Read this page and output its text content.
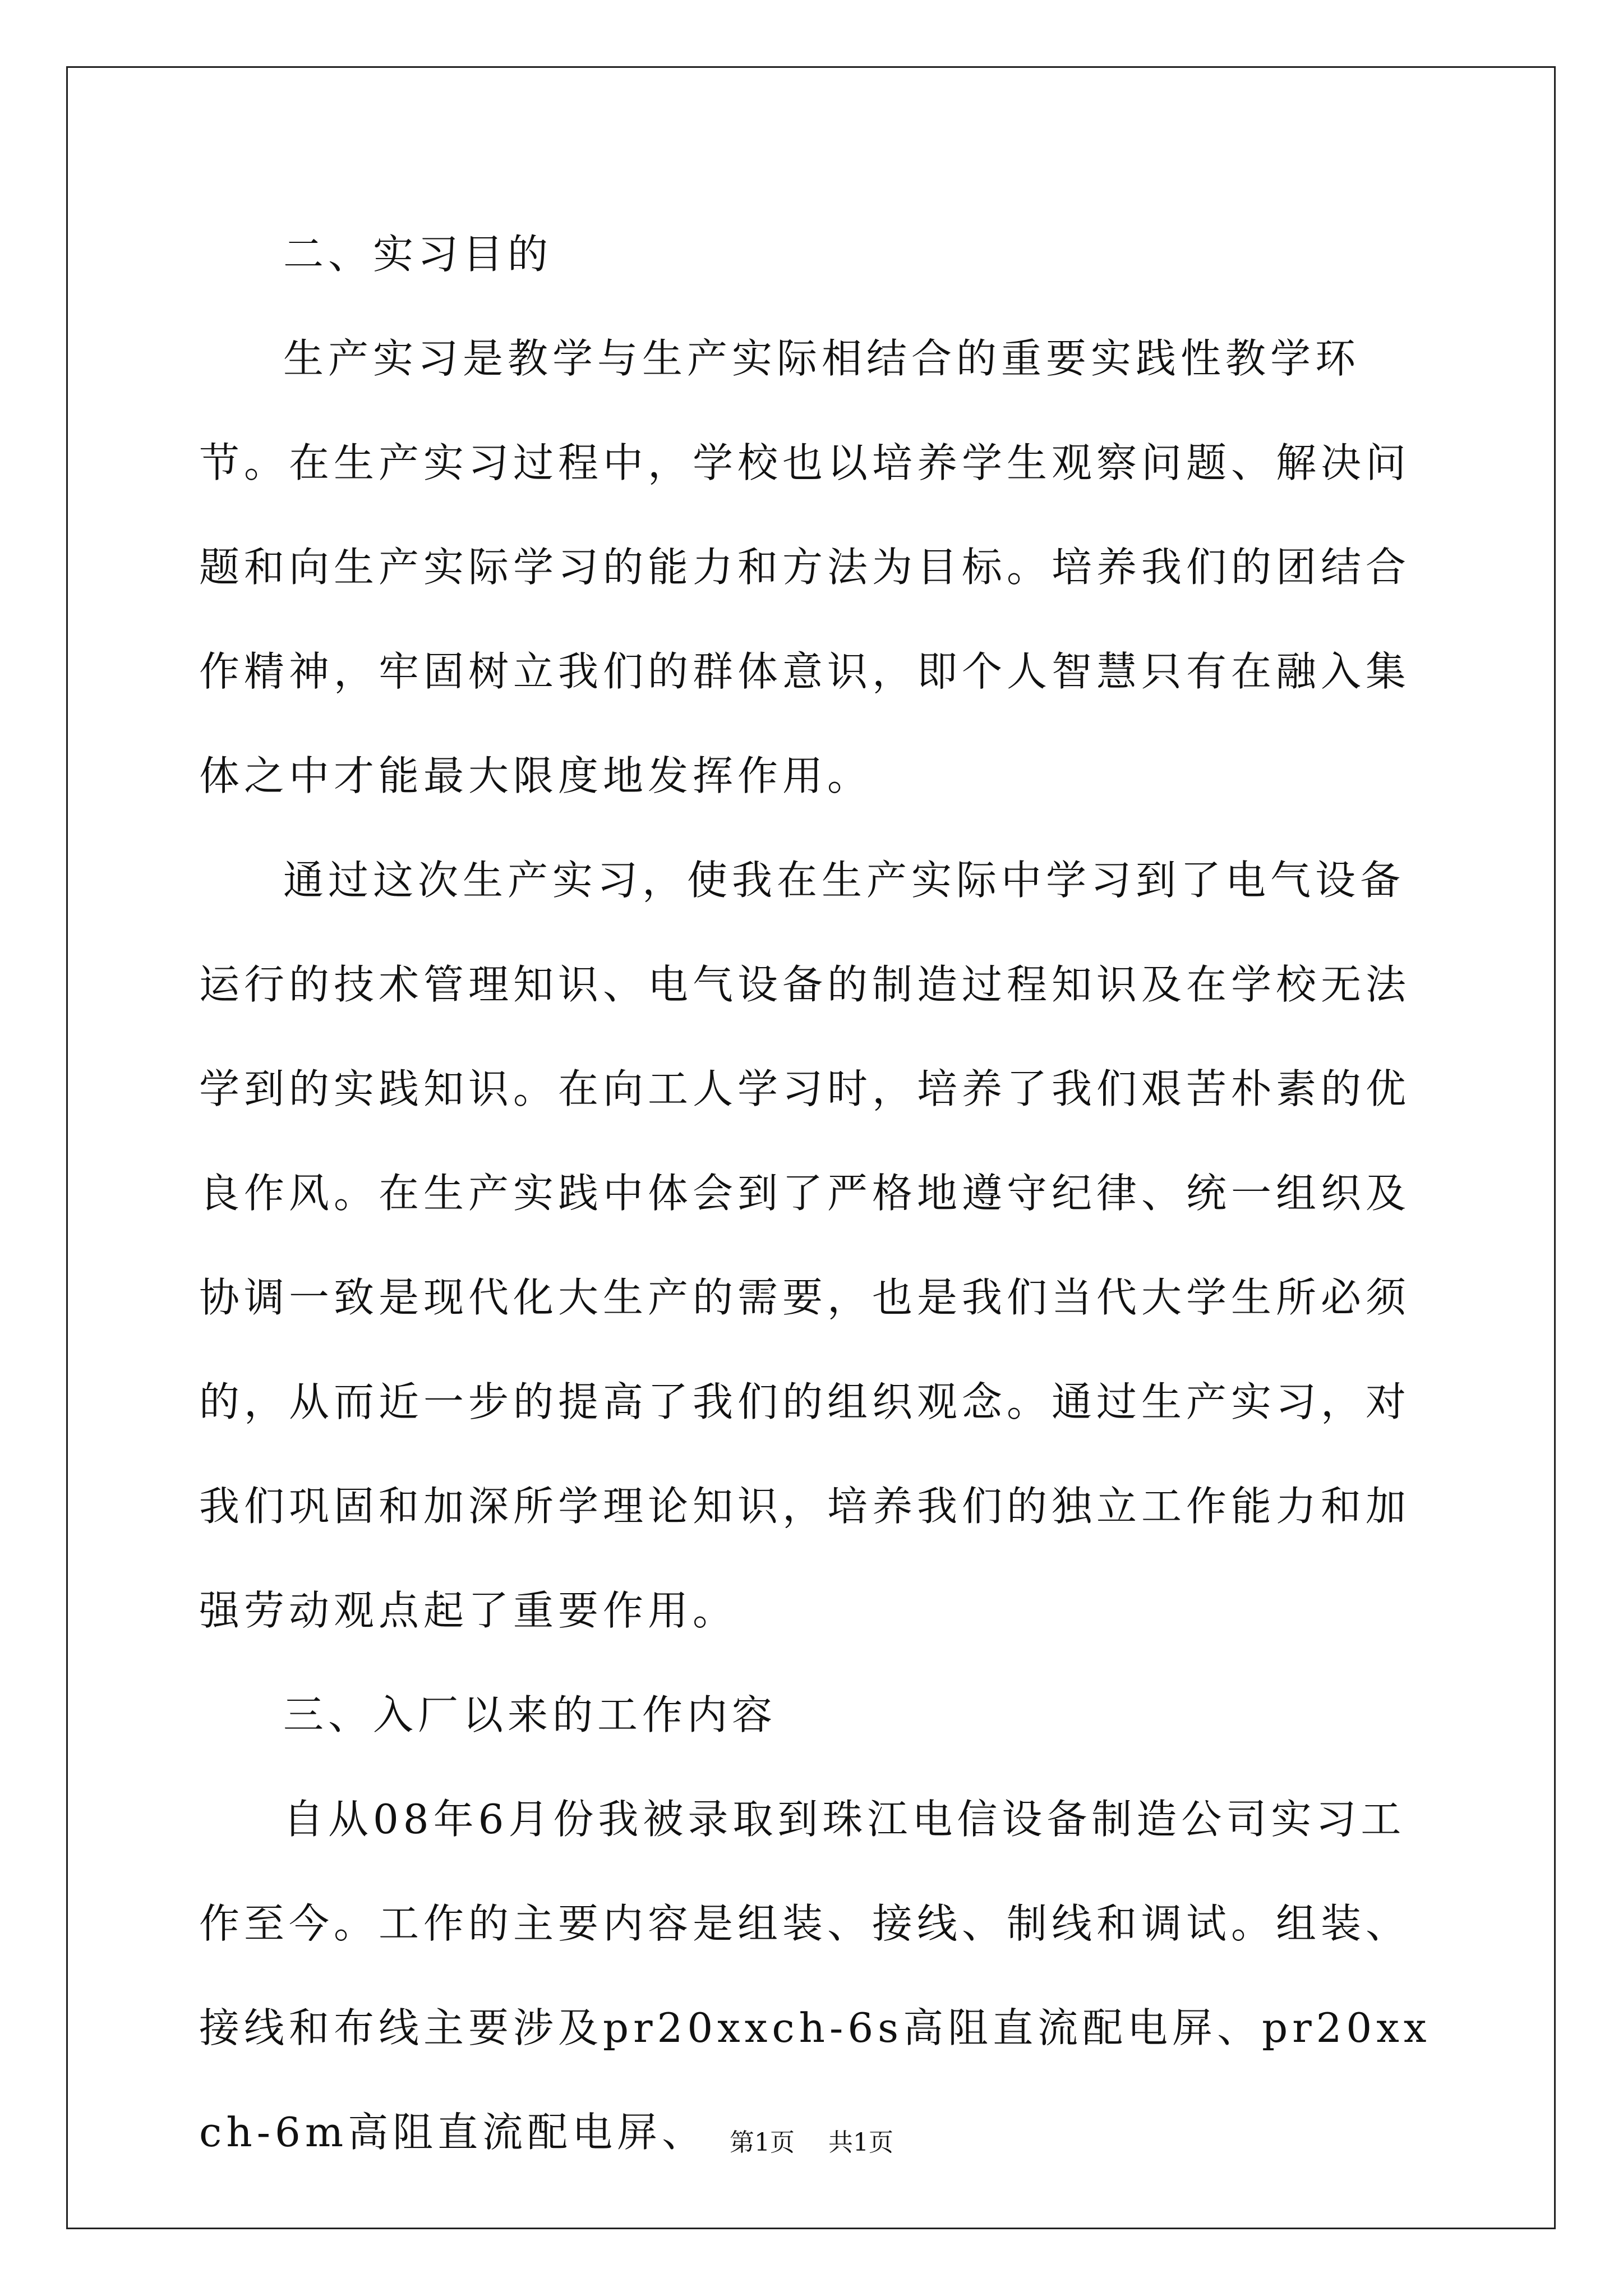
二、实习目的

生产实习是教学与生产实际相结合的重要实践性教学环节。在生产实习过程中，学校也以培养学生观察问题、解决问题和向生产实际学习的能力和方法为目标。培养我们的团结合作精神，牢固树立我们的群体意识，即个人智慧只有在融入集体之中才能最大限度地发挥作用。

通过这次生产实习，使我在生产实际中学习到了电气设备运行的技术管理知识、电气设备的制造过程知识及在学校无法学到的实践知识。在向工人学习时，培养了我们艰苦朴素的优良作风。在生产实践中体会到了严格地遵守纪律、统一组织及协调一致是现代化大生产的需要，也是我们当代大学生所必须的，从而近一步的提高了我们的组织观念。通过生产实习，对我们巩固和加深所学理论知识，培养我们的独立工作能力和加强劳动观点起了重要作用。

三、入厂以来的工作内容

自从08年6月份我被录取到珠江电信设备制造公司实习工作至今。工作的主要内容是组装、接线、制线和调试。组装、接线和布线主要涉及pr20xxch-6s高阻直流配电屏、pr20xxch-6m高阻直流配电屏、 第1页 共1页
